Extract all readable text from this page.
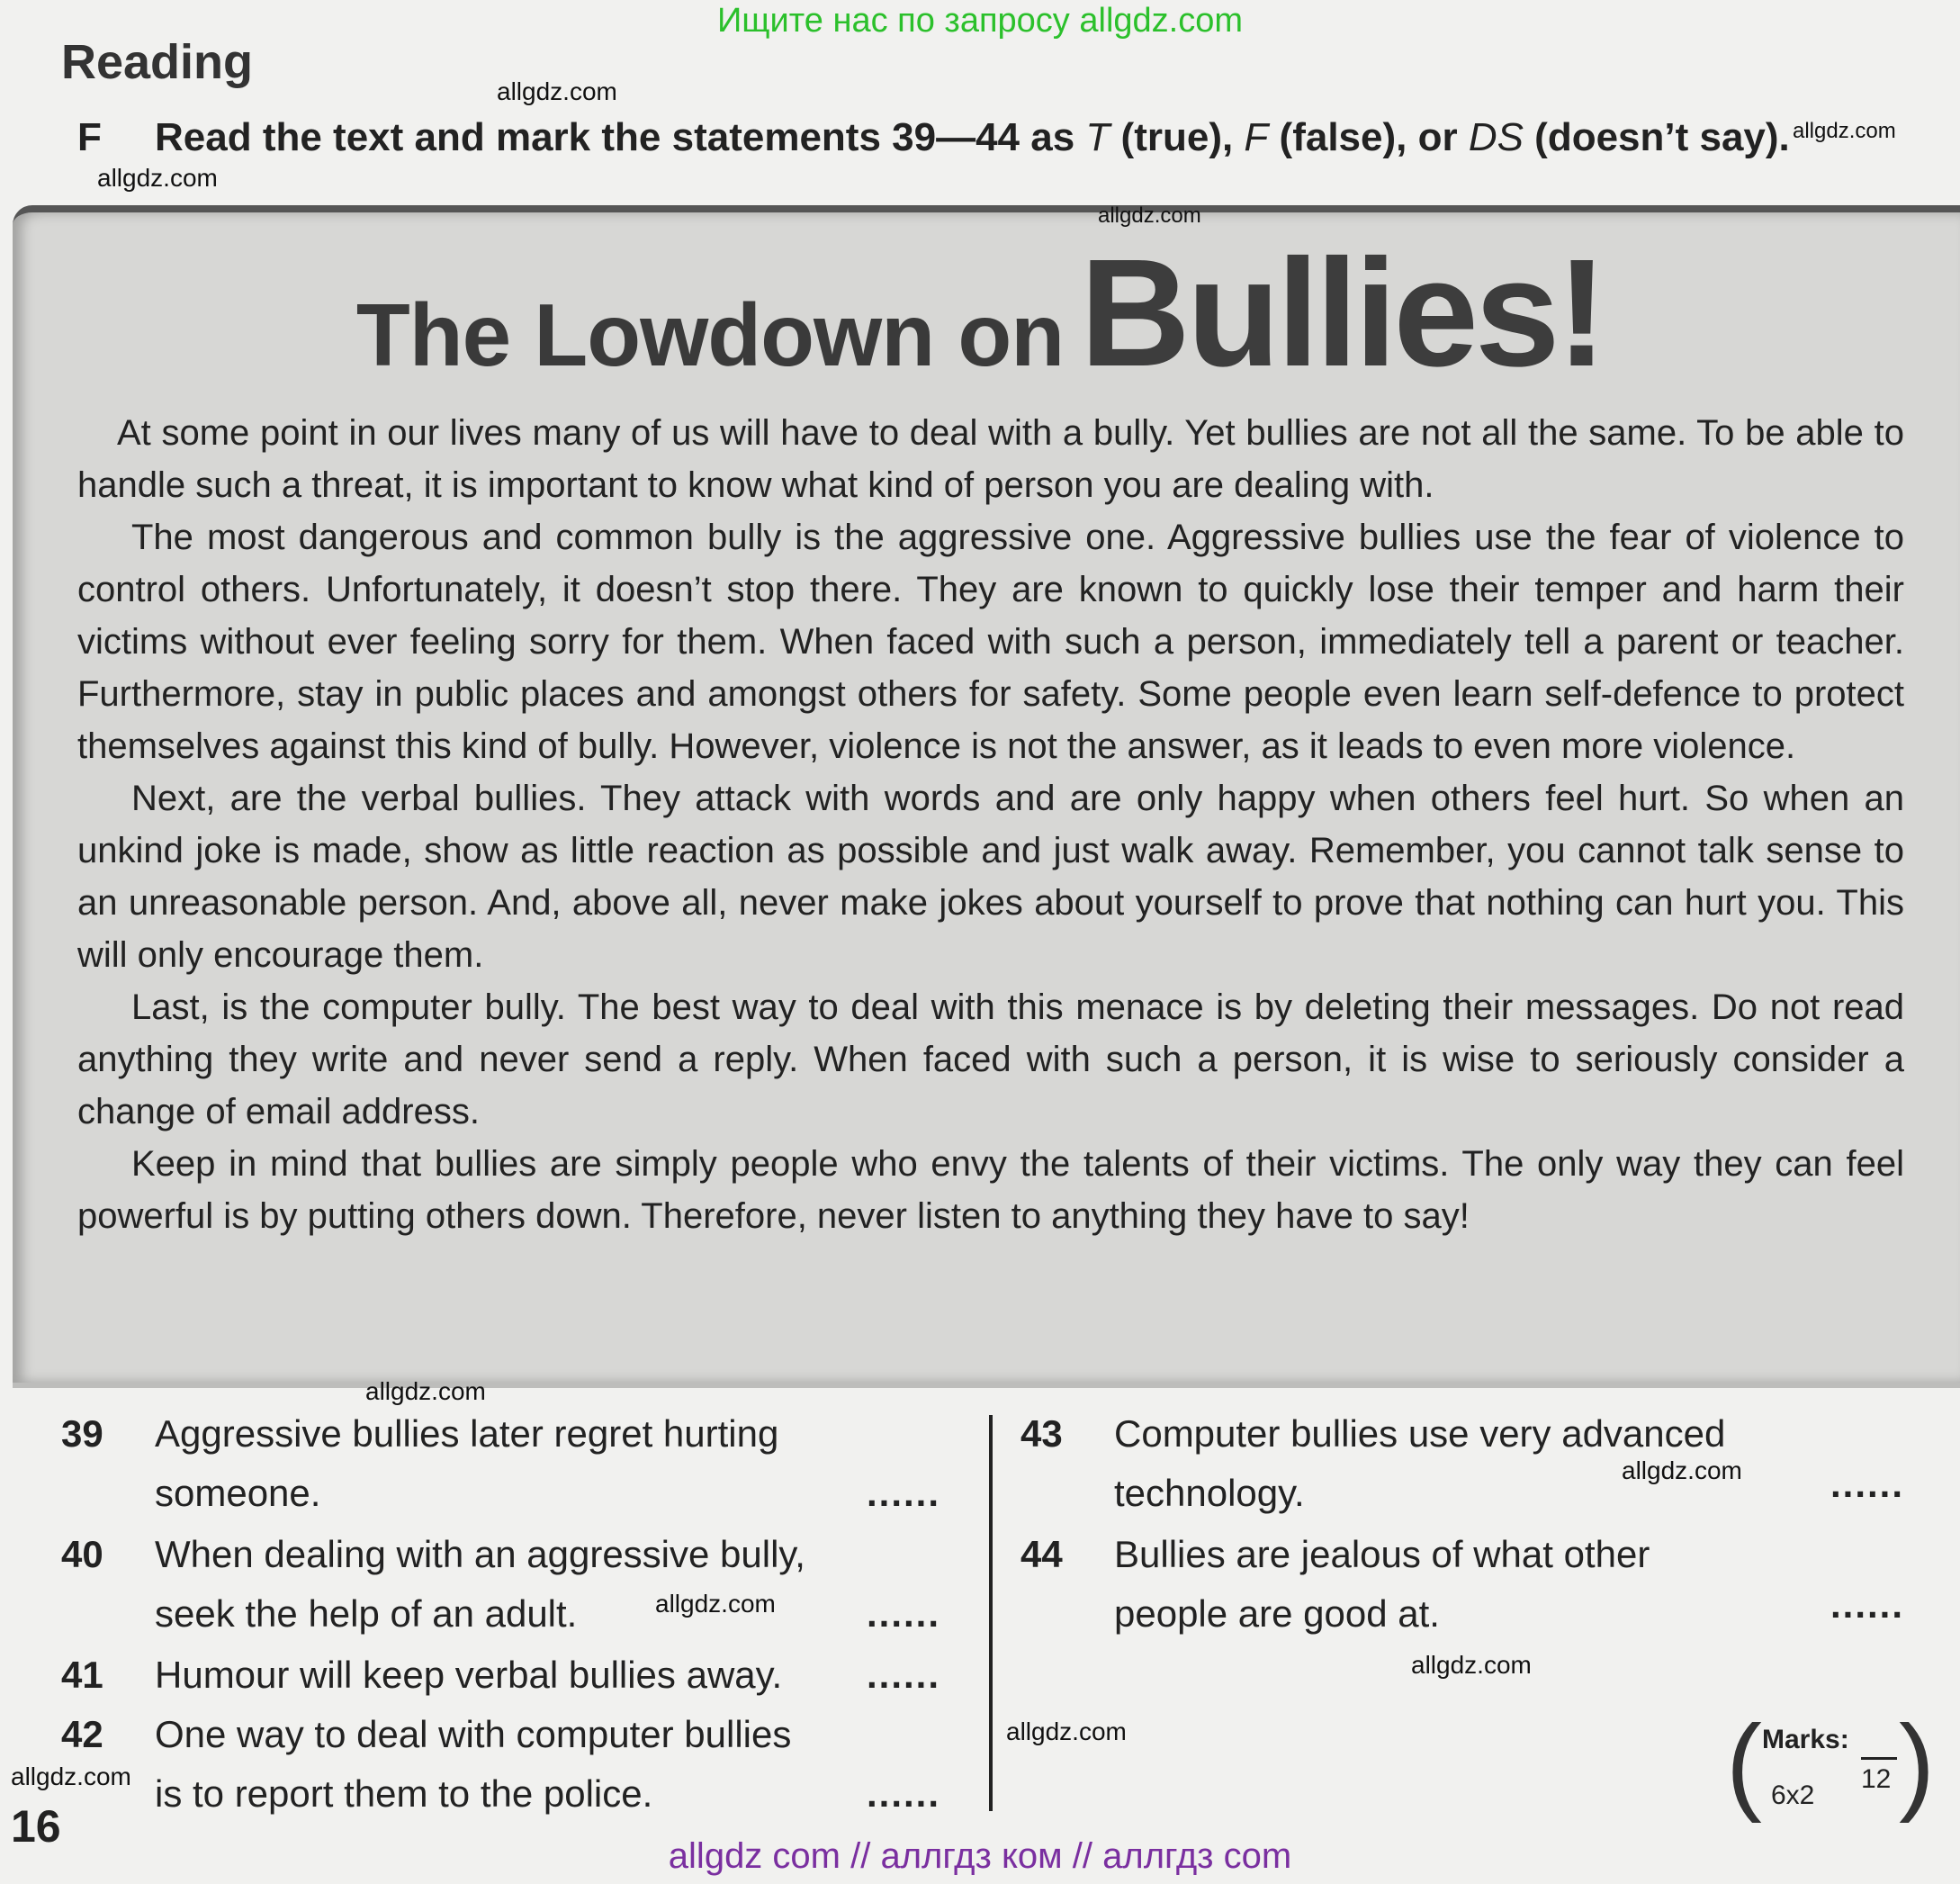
Ищите нас по запросу allgdz.com
Reading
F Read the text and mark the statements 39—44 as T (true), F (false), or DS (doesn’t say).
The Lowdown on Bullies!

At some point in our lives many of us will have to deal with a bully. Yet bullies are not all the same. To be able to handle such a threat, it is important to know what kind of person you are dealing with.

The most dangerous and common bully is the aggressive one. Aggressive bullies use the fear of violence to control others. Unfortunately, it doesn’t stop there. They are known to quickly lose their temper and harm their victims without ever feeling sorry for them. When faced with such a person, immediately tell a parent or teacher. Furthermore, stay in public places and amongst others for safety. Some people even learn self-defence to protect themselves against this kind of bully. However, violence is not the answer, as it leads to even more violence.

Next, are the verbal bullies. They attack with words and are only happy when others feel hurt. So when an unkind joke is made, show as little reaction as possible and just walk away. Remember, you cannot talk sense to an unreasonable person. And, above all, never make jokes about yourself to prove that nothing can hurt you. This will only encourage them.

Last, is the computer bully. The best way to deal with this menace is by deleting their messages. Do not read anything they write and never send a reply. When faced with such a person, it is wise to seriously consider a change of email address.

Keep in mind that bullies are simply people who envy the talents of their victims. The only way they can feel powerful is by putting others down. Therefore, never listen to anything they have to say!

39 Aggressive bullies later regret hurting
someone.	......
40 When dealing with an aggressive bully,
seek the help of an adult.	......
41 Humour will keep verbal bullies away. ......
42 One way to deal with computer bullies
is to report them to the police.	......
43 Computer bullies use very advanced
technology.	......
44 Bullies are jealous of what other
people are good at.	......
( Marks:
12
6x2 )
16
allgdz.com
allgdz.com
allgdz.com
allgdz.com
allgdz.com
allgdz.com
allgdz.com
allgdz.com
allgdz.com
allgdz.com
allgdz com // аллгдз ком // аллгдз com
